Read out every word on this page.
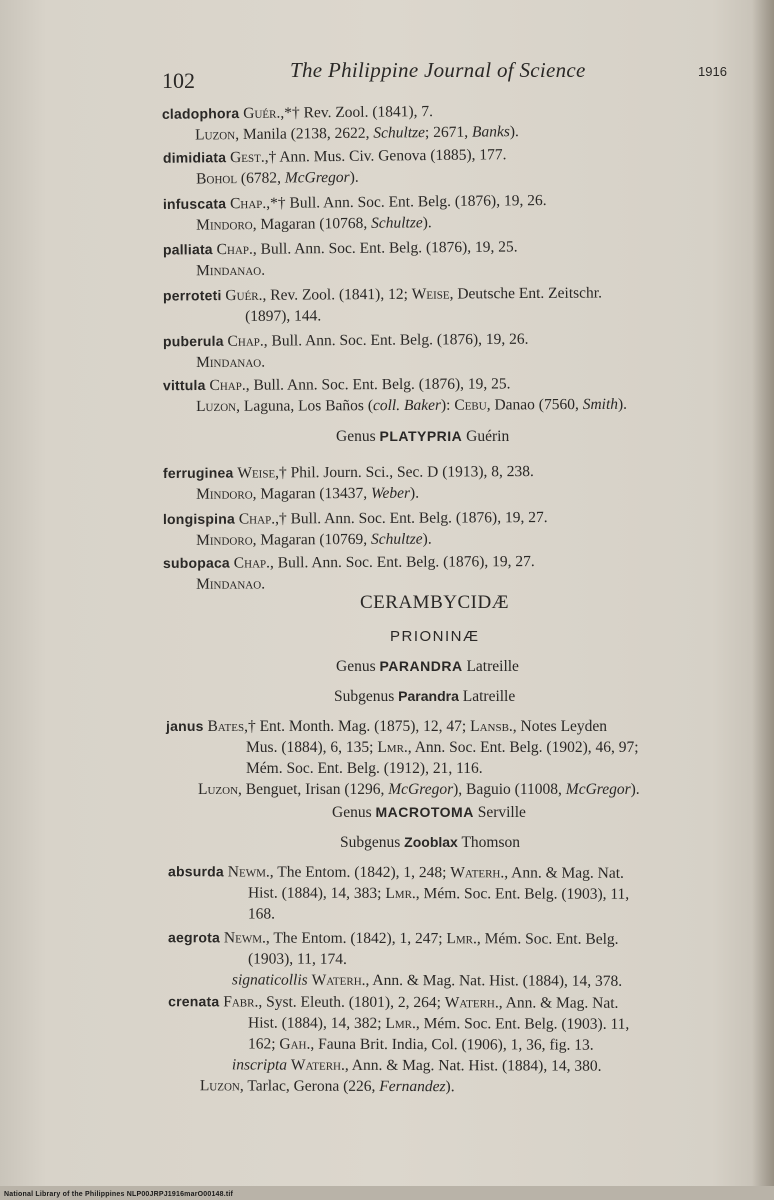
102	The Philippine Journal of Science	1916
cladophora Guér.,*† Rev. Zool. (1841), 7.
Luzon, Manila (2138, 2622, Schultze; 2671, Banks).
dimidiata Gest.,† Ann. Mus. Civ. Genova (1885), 177.
Bohol (6782, McGregor).
infuscata Chap.,*† Bull. Ann. Soc. Ent. Belg. (1876), 19, 26.
Mindoro, Magaran (10768, Schultze).
palliata Chap., Bull. Ann. Soc. Ent. Belg. (1876), 19, 25.
Mindanao.
perroteti Guér., Rev. Zool. (1841), 12; Weise, Deutsche Ent. Zeitschr.
(1897), 144.
puberula Chap., Bull. Ann. Soc. Ent. Belg. (1876), 19, 26.
Mindanao.
vittula Chap., Bull. Ann. Soc. Ent. Belg. (1876), 19, 25.
Luzon, Laguna, Los Baños (coll. Baker): Cebu, Danao (7560, Smith).
Genus PLATYPRIA Guérin
ferruginea Weise,† Phil. Journ. Sci., Sec. D (1913), 8, 238.
Mindoro, Magaran (13437, Weber).
longispina Chap.,† Bull. Ann. Soc. Ent. Belg. (1876), 19, 27.
Mindoro, Magaran (10769, Schultze).
subopaca Chap., Bull. Ann. Soc. Ent. Belg. (1876), 19, 27.
Mindanao.
CERAMBYCIDÆ
PRIONINÆ
Genus PARANDRA Latreille
Subgenus Parandra Latreille
janus Bates,† Ent. Month. Mag. (1875), 12, 47; Lansb., Notes Leyden
Mus. (1884), 6, 135; Lmr., Ann. Soc. Ent. Belg. (1902), 46, 97;
Mém. Soc. Ent. Belg. (1912), 21, 116.
Luzon, Benguet, Irisan (1296, McGregor), Baguio (11008, McGregor).
Genus MACROTOMA Serville
Subgenus Zooblax Thomson
absurda Newm., The Entom. (1842), 1, 248; Waterh., Ann. & Mag. Nat.
Hist. (1884), 14, 383; Lmr., Mém. Soc. Ent. Belg. (1903), 11,
168.
aegrota Newm., The Entom. (1842), 1, 247; Lmr., Mém. Soc. Ent. Belg.
(1903), 11, 174.
signaticollis Waterh., Ann. & Mag. Nat. Hist. (1884), 14, 378.
crenata Fabr., Syst. Eleuth. (1801), 2, 264; Waterh., Ann. & Mag. Nat.
Hist. (1884), 14, 382; Lmr., Mém. Soc. Ent. Belg. (1903). 11,
162; Gah., Fauna Brit. India, Col. (1906), 1, 36, fig. 13.
inscripta Waterh., Ann. & Mag. Nat. Hist. (1884), 14, 380.
Luzon, Tarlac, Gerona (226, Fernandez).
National Library of the Philippines NLP00JRPJ1916marO00148.tif
